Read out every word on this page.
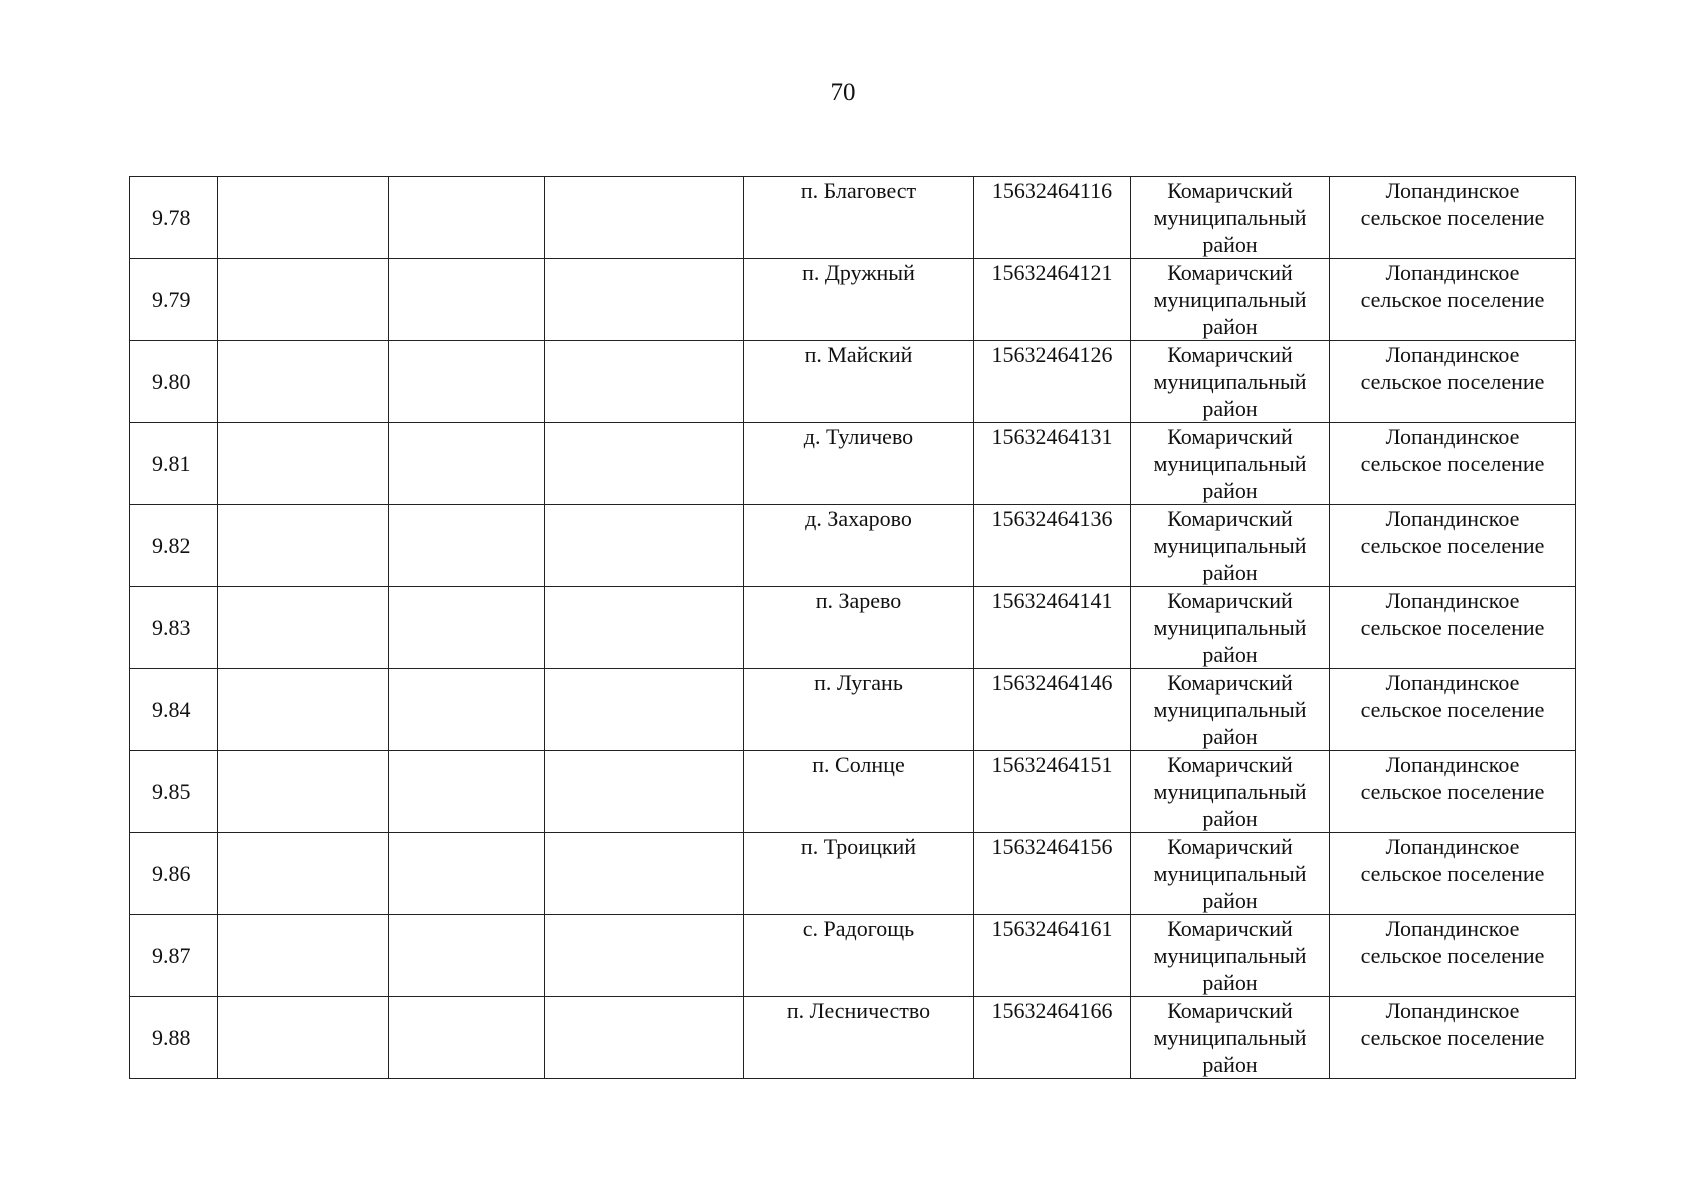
70
9.78				п. Благовест	15632464116	Комаричский
муниципальный
район	Лопандинское
сельское поселение

9.79				п. Дружный	15632464121	Комаричский
муниципальный
район	Лопандинское
сельское поселение

9.80				п. Майский	15632464126	Комаричский
муниципальный
район	Лопандинское
сельское поселение

9.81				д. Туличево	15632464131	Комаричский
муниципальный
район	Лопандинское
сельское поселение

9.82				д. Захарово	15632464136	Комаричский
муниципальный
район	Лопандинское
сельское поселение

9.83				п. Зарево	15632464141	Комаричский
муниципальный
район	Лопандинское
сельское поселение

9.84				п. Лугань	15632464146	Комаричский
муниципальный
район	Лопандинское
сельское поселение

9.85				п. Солнце	15632464151	Комаричский
муниципальный
район	Лопандинское
сельское поселение

9.86				п. Троицкий	15632464156	Комаричский
муниципальный
район	Лопандинское
сельское поселение

9.87				с. Радогощь	15632464161	Комаричский
муниципальный
район	Лопандинское
сельское поселение

9.88				п. Лесничество	15632464166	Комаричский
муниципальный
район	Лопандинское
сельское поселение
